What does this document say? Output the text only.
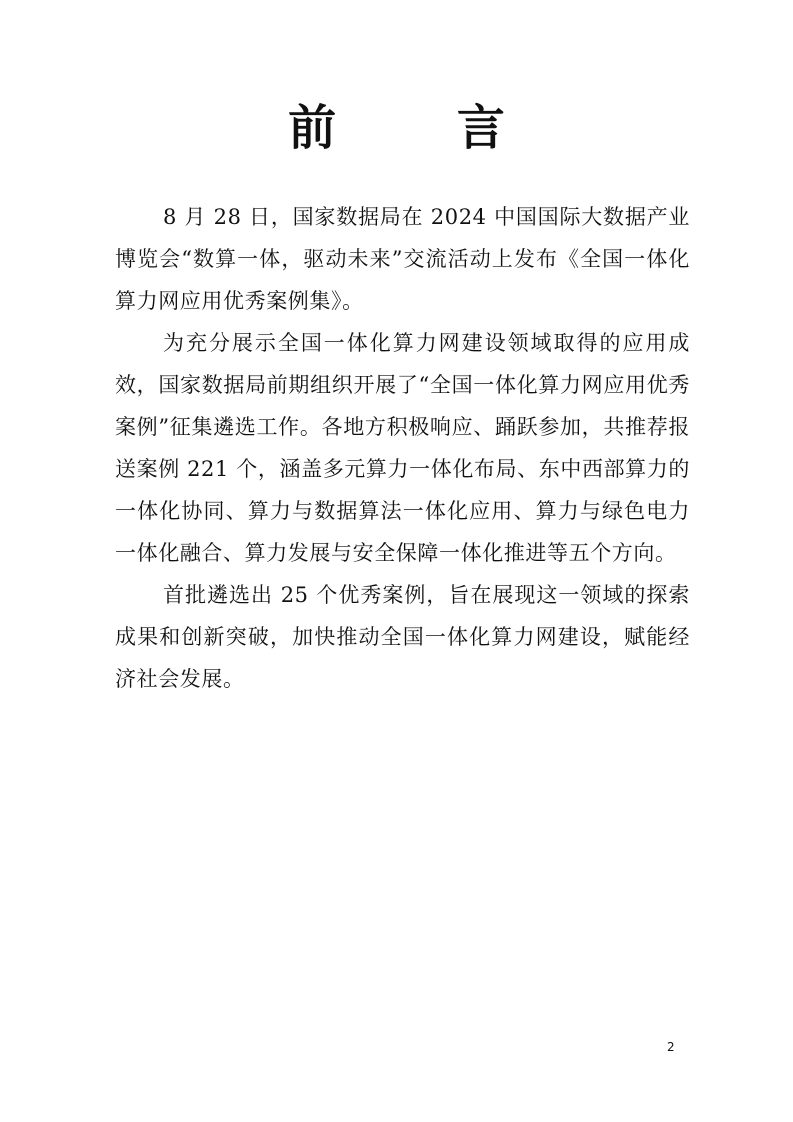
前 言

8 月 28 日，国家数据局在 2024 中国国际大数据产业博览会“数算一体，驱动未来”交流活动上发布《全国一体化算力网应用优秀案例集》。

为充分展示全国一体化算力网建设领域取得的应用成效，国家数据局前期组织开展了“全国一体化算力网应用优秀案例”征集遴选工作。各地方积极响应、踊跃参加，共推荐报送案例 221 个，涵盖多元算力一体化布局、东中西部算力的一体化协同、算力与数据算法一体化应用、算力与绿色电力一体化融合、算力发展与安全保障一体化推进等五个方向。

首批遴选出 25 个优秀案例，旨在展现这一领域的探索成果和创新突破，加快推动全国一体化算力网建设，赋能经济社会发展。

2
